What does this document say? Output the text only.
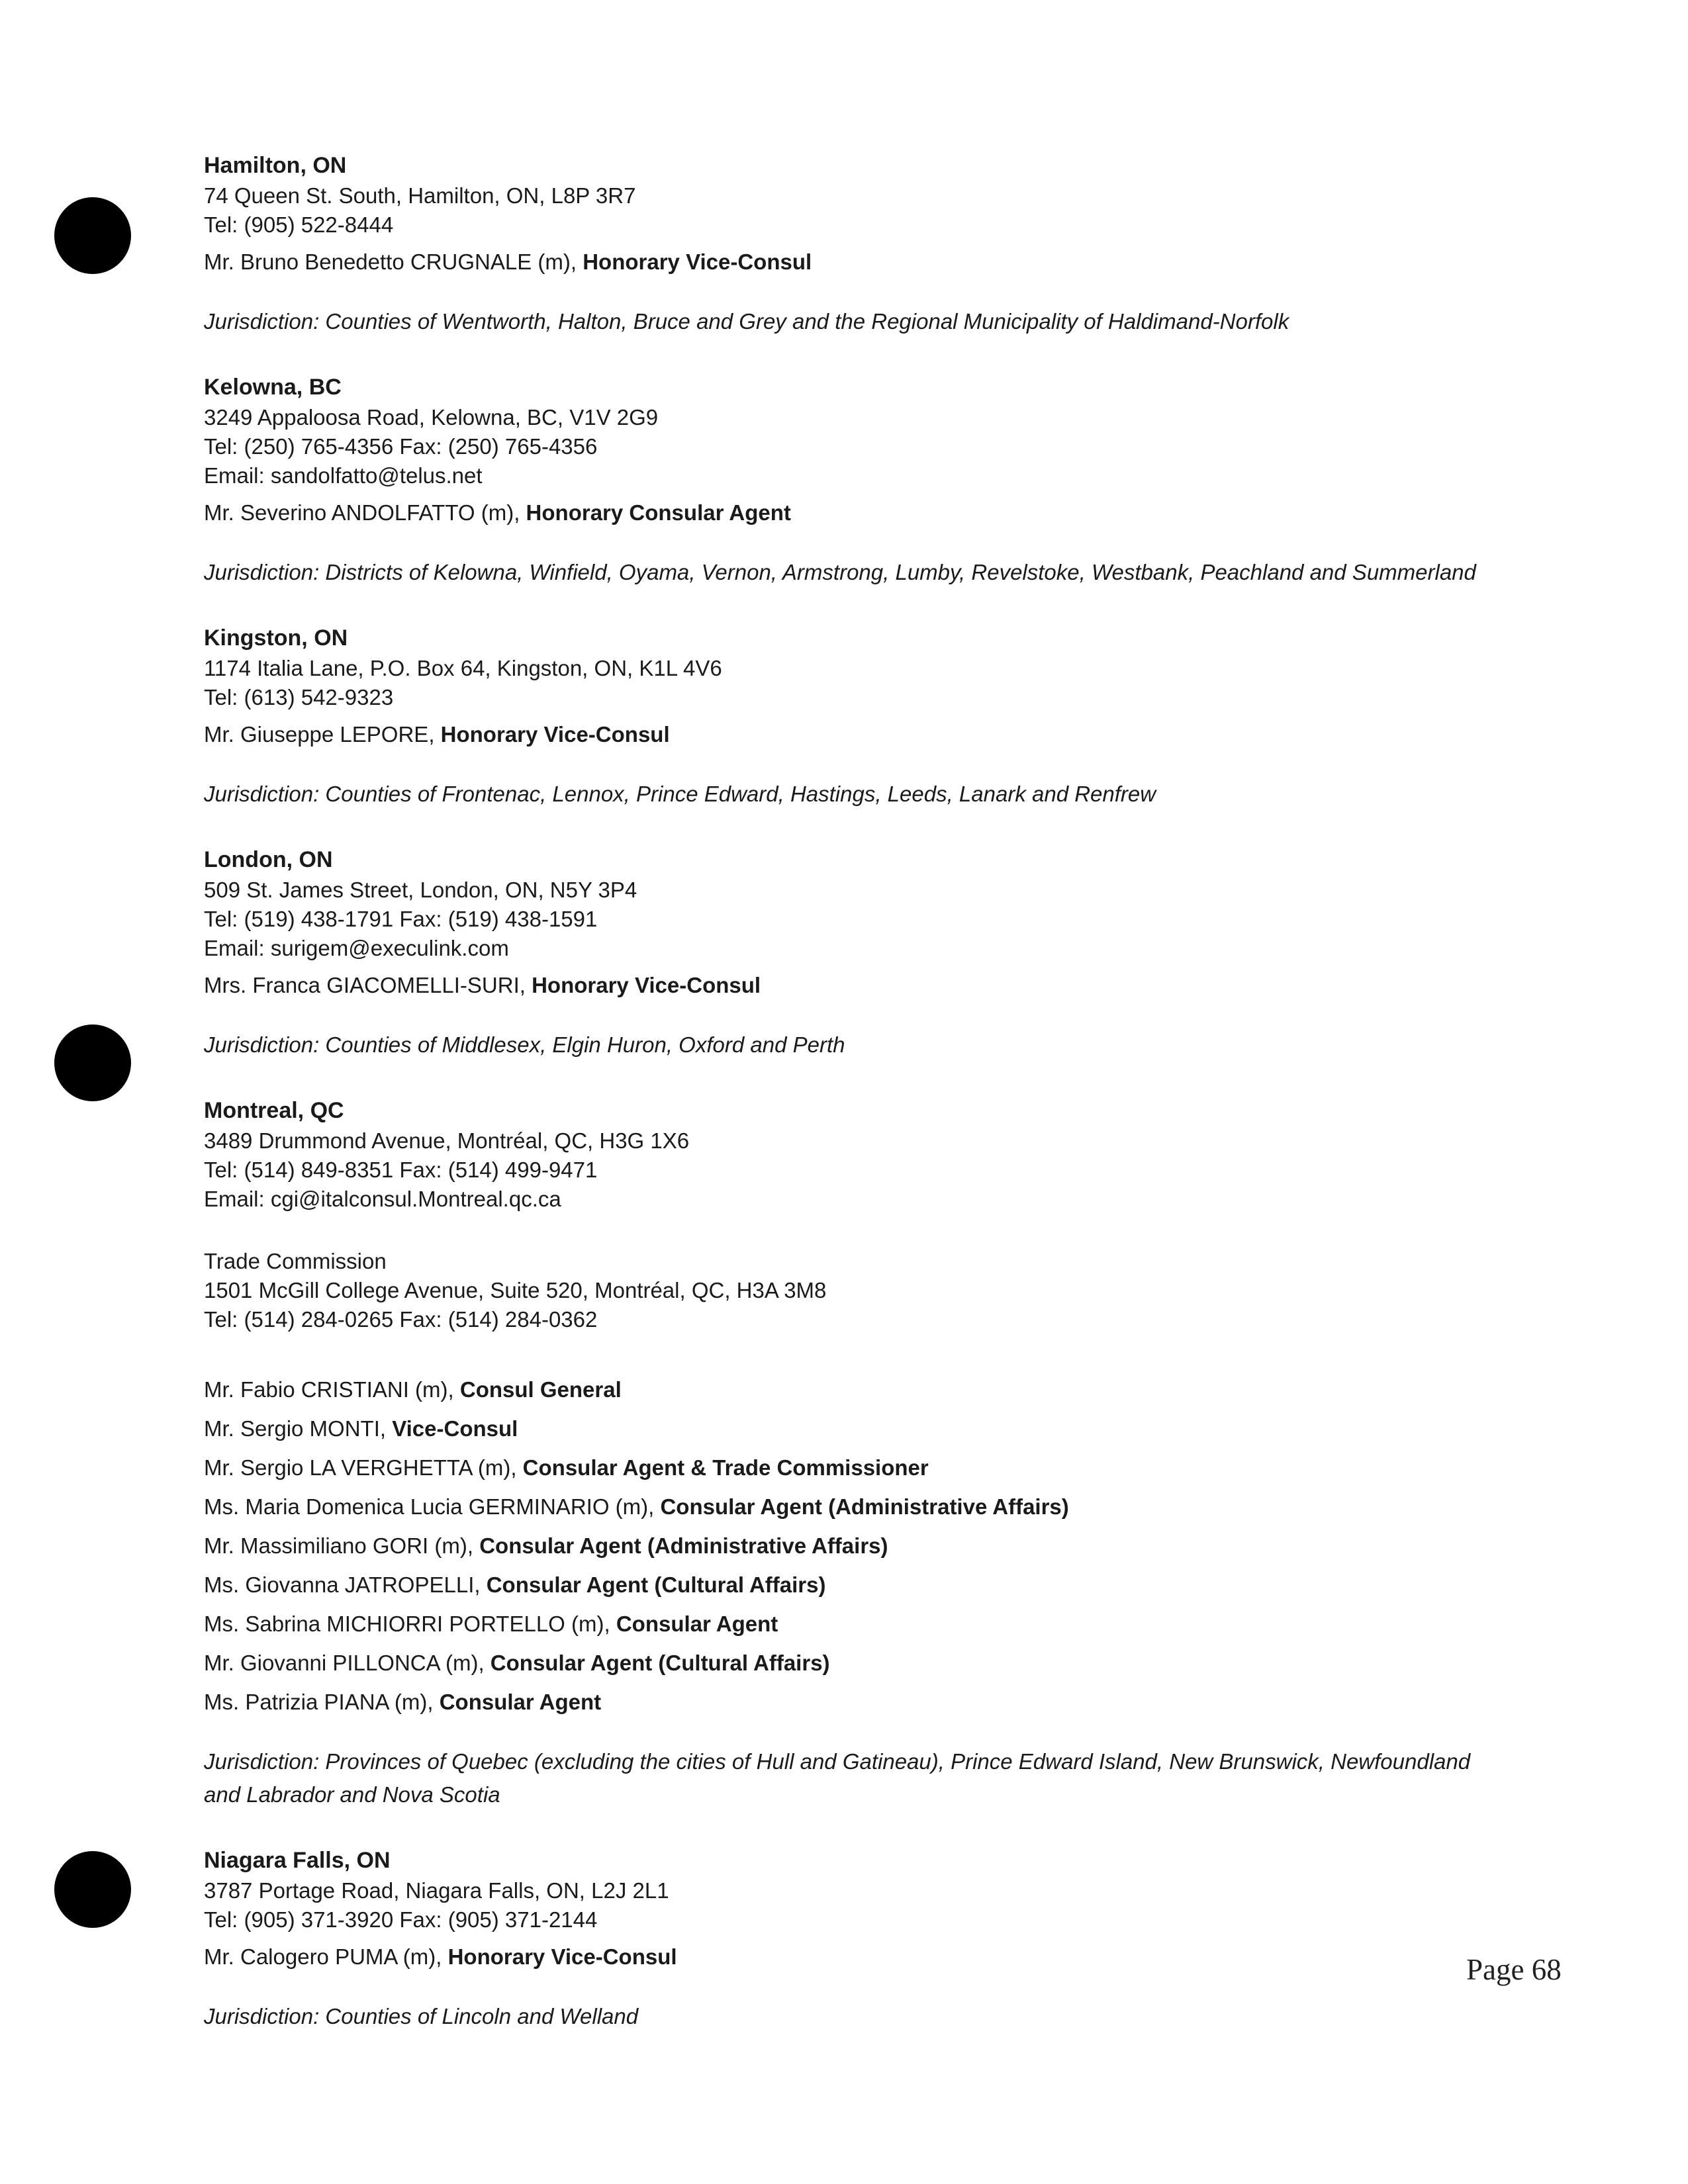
Hamilton, ON
74 Queen St. South, Hamilton, ON, L8P 3R7
Tel: (905) 522-8444
Mr. Bruno Benedetto CRUGNALE (m), Honorary Vice-Consul
Jurisdiction: Counties of Wentworth, Halton, Bruce and Grey and the Regional Municipality of Haldimand-Norfolk
Kelowna, BC
3249 Appaloosa Road, Kelowna, BC, V1V 2G9
Tel: (250) 765-4356 Fax: (250) 765-4356
Email: sandolfatto@telus.net
Mr. Severino ANDOLFATTO (m), Honorary Consular Agent
Jurisdiction: Districts of Kelowna, Winfield, Oyama, Vernon, Armstrong, Lumby, Revelstoke, Westbank, Peachland and Summerland
Kingston, ON
1174 Italia Lane, P.O. Box 64, Kingston, ON, K1L 4V6
Tel: (613) 542-9323
Mr. Giuseppe LEPORE, Honorary Vice-Consul
Jurisdiction: Counties of Frontenac, Lennox, Prince Edward, Hastings, Leeds, Lanark and Renfrew
London, ON
509 St. James Street, London, ON, N5Y 3P4
Tel: (519) 438-1791 Fax: (519) 438-1591
Email: surigem@execulink.com
Mrs. Franca GIACOMELLI-SURI, Honorary Vice-Consul
Jurisdiction: Counties of Middlesex, Elgin Huron, Oxford and Perth
Montreal, QC
3489 Drummond Avenue, Montréal, QC, H3G 1X6
Tel: (514) 849-8351 Fax: (514) 499-9471
Email: cgi@italconsul.Montreal.qc.ca
Trade Commission
1501 McGill College Avenue, Suite 520, Montréal, QC, H3A 3M8
Tel: (514) 284-0265 Fax: (514) 284-0362
Mr. Fabio CRISTIANI (m), Consul General
Mr. Sergio MONTI, Vice-Consul
Mr. Sergio LA VERGHETTA (m), Consular Agent & Trade Commissioner
Ms. Maria Domenica Lucia GERMINARIO (m), Consular Agent (Administrative Affairs)
Mr. Massimiliano GORI (m), Consular Agent (Administrative Affairs)
Ms. Giovanna JATROPELLI, Consular Agent (Cultural Affairs)
Ms. Sabrina MICHIORRI PORTELLO (m), Consular Agent
Mr. Giovanni PILLONCA (m), Consular Agent (Cultural Affairs)
Ms. Patrizia PIANA (m), Consular Agent
Jurisdiction: Provinces of Quebec (excluding the cities of Hull and Gatineau), Prince Edward Island, New Brunswick, Newfoundland and Labrador and Nova Scotia
Niagara Falls, ON
3787 Portage Road, Niagara Falls, ON, L2J 2L1
Tel: (905) 371-3920 Fax: (905) 371-2144
Mr. Calogero PUMA (m), Honorary Vice-Consul
Jurisdiction: Counties of Lincoln and Welland
Page 68
